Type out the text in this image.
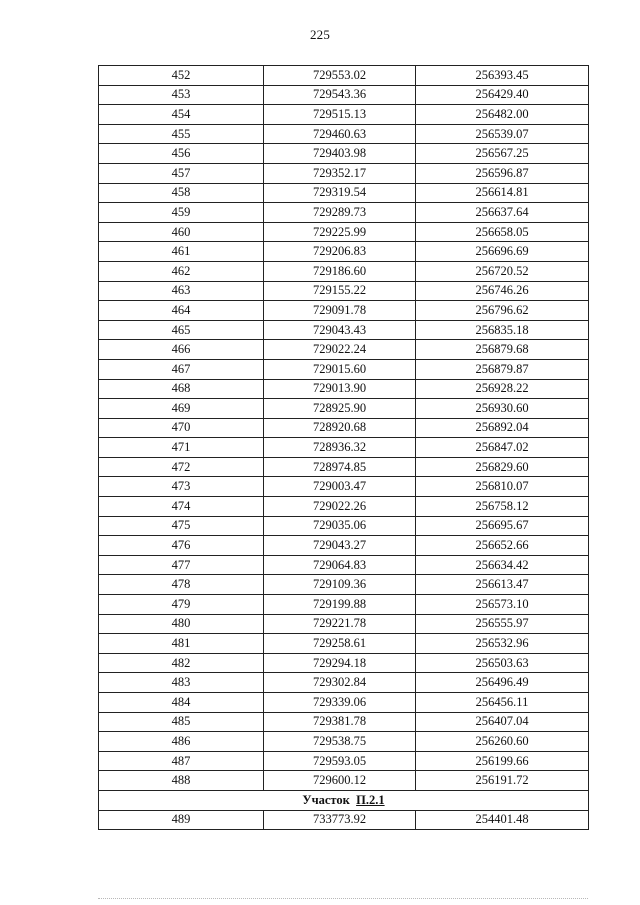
225
452	729553.02	256393.45
453	729543.36	256429.40
454	729515.13	256482.00
455	729460.63	256539.07
456	729403.98	256567.25
457	729352.17	256596.87
458	729319.54	256614.81
459	729289.73	256637.64
460	729225.99	256658.05
461	729206.83	256696.69
462	729186.60	256720.52
463	729155.22	256746.26
464	729091.78	256796.62
465	729043.43	256835.18
466	729022.24	256879.68
467	729015.60	256879.87
468	729013.90	256928.22
469	728925.90	256930.60
470	728920.68	256892.04
471	728936.32	256847.02
472	728974.85	256829.60
473	729003.47	256810.07
474	729022.26	256758.12
475	729035.06	256695.67
476	729043.27	256652.66
477	729064.83	256634.42
478	729109.36	256613.47
479	729199.88	256573.10
480	729221.78	256555.97
481	729258.61	256532.96
482	729294.18	256503.63
483	729302.84	256496.49
484	729339.06	256456.11
485	729381.78	256407.04
486	729538.75	256260.60
487	729593.05	256199.66
488	729600.12	256191.72
Участок П.2.1		
489	733773.92	254401.48
